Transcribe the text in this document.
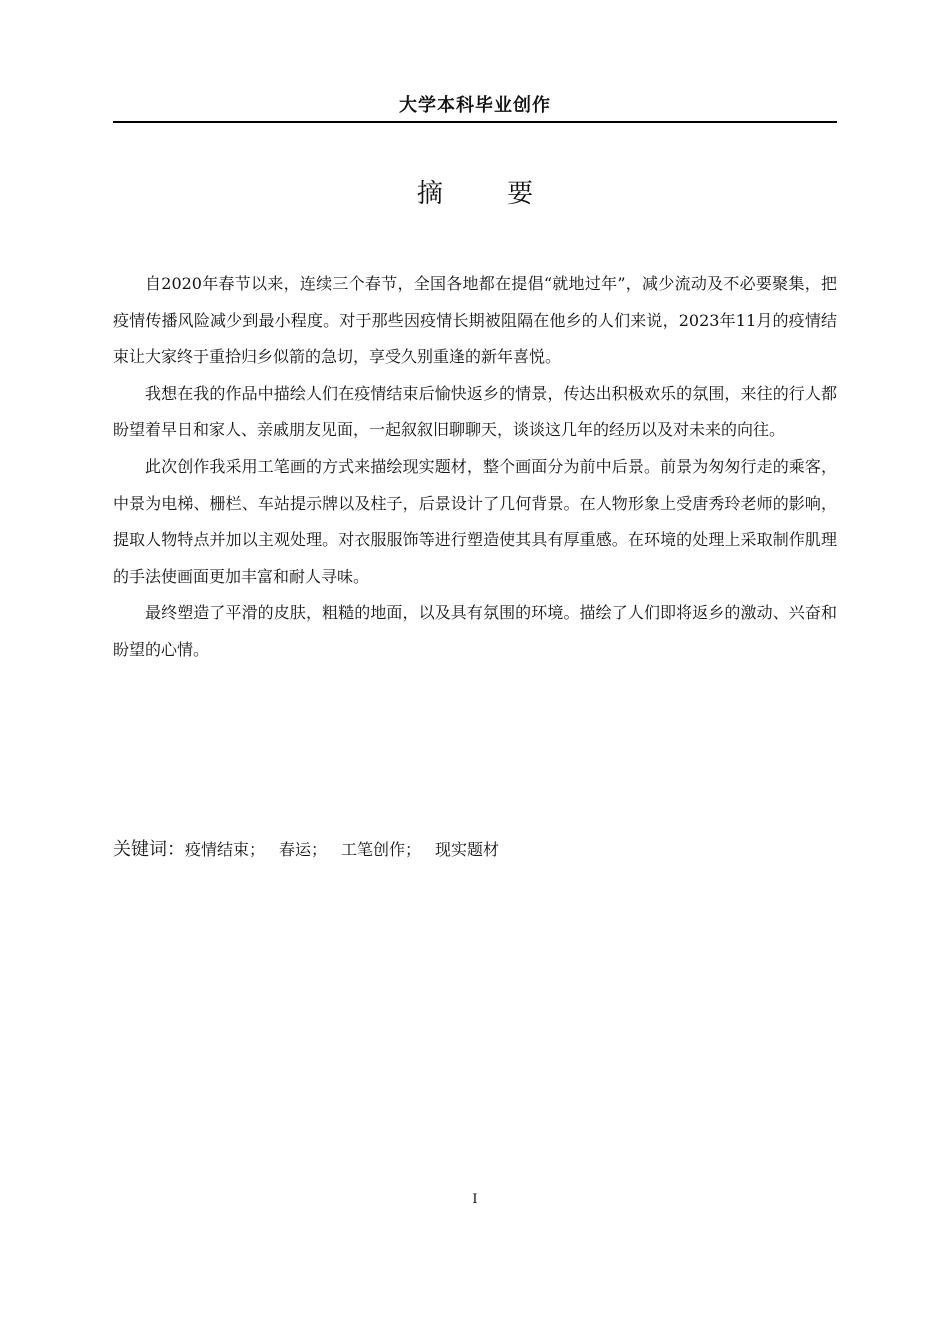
大学本科毕业创作
摘 要

自2020年春节以来，连续三个春节，全国各地都在提倡“就地过年”，减少流动及不必要聚集，把疫情传播风险减少到最小程度。对于那些因疫情长期被阻隔在他乡的人们来说，2023年11月的疫情结束让大家终于重拾归乡似箭的急切，享受久别重逢的新年喜悦。

我想在我的作品中描绘人们在疫情结束后愉快返乡的情景，传达出积极欢乐的氛围，来往的行人都盼望着早日和家人、亲戚朋友见面，一起叙叙旧聊聊天，谈谈这几年的经历以及对未来的向往。

此次创作我采用工笔画的方式来描绘现实题材，整个画面分为前中后景。前景为匆匆行走的乘客，中景为电梯、栅栏、车站提示牌以及柱子，后景设计了几何背景。在人物形象上受唐秀玲老师的影响，提取人物特点并加以主观处理。对衣服服饰等进行塑造使其具有厚重感。在环境的处理上采取制作肌理的手法使画面更加丰富和耐人寻味。

最终塑造了平滑的皮肤，粗糙的地面，以及具有氛围的环境。描绘了人们即将返乡的激动、兴奋和盼望的心情。

关键词：疫情结束； 春运； 工笔创作； 现实题材
I
